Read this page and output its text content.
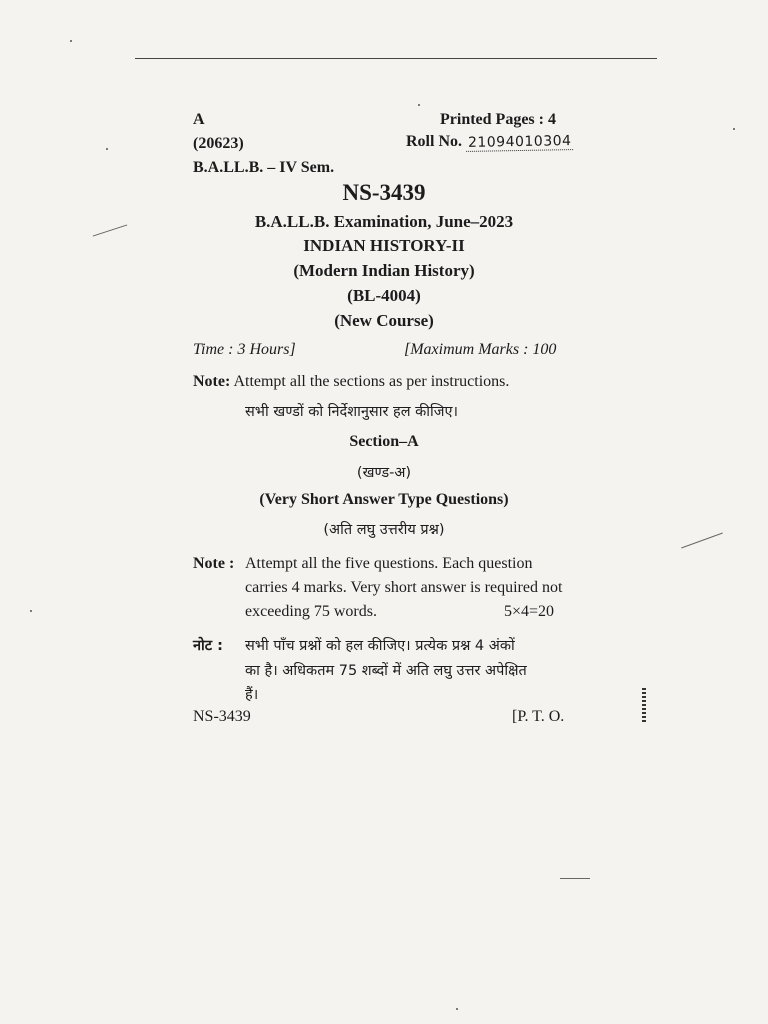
A	Printed Pages : 4
(20623)	Roll No. 21094010304
B.A.LL.B. – IV Sem.
NS-3439
B.A.LL.B. Examination, June–2023
INDIAN HISTORY-II
(Modern Indian History)
(BL-4004)
(New Course)
Time : 3 Hours]	[Maximum Marks : 100
Note: Attempt all the sections as per instructions.
सभी खण्डों को निर्देशानुसार हल कीजिए।
Section–A
(खण्ड-अ)
(Very Short Answer Type Questions)
(अति लघु उत्तरीय प्रश्न)
Note : Attempt all the five questions. Each question
carries 4 marks. Very short answer is required not
exceeding 75 words.	5×4=20
नोट : सभी पाँच प्रश्नों को हल कीजिए। प्रत्येक प्रश्न 4 अंकों
का है। अधिकतम 75 शब्दों में अति लघु उत्तर अपेक्षित
हैं।
NS-3439	[P. T. O.
